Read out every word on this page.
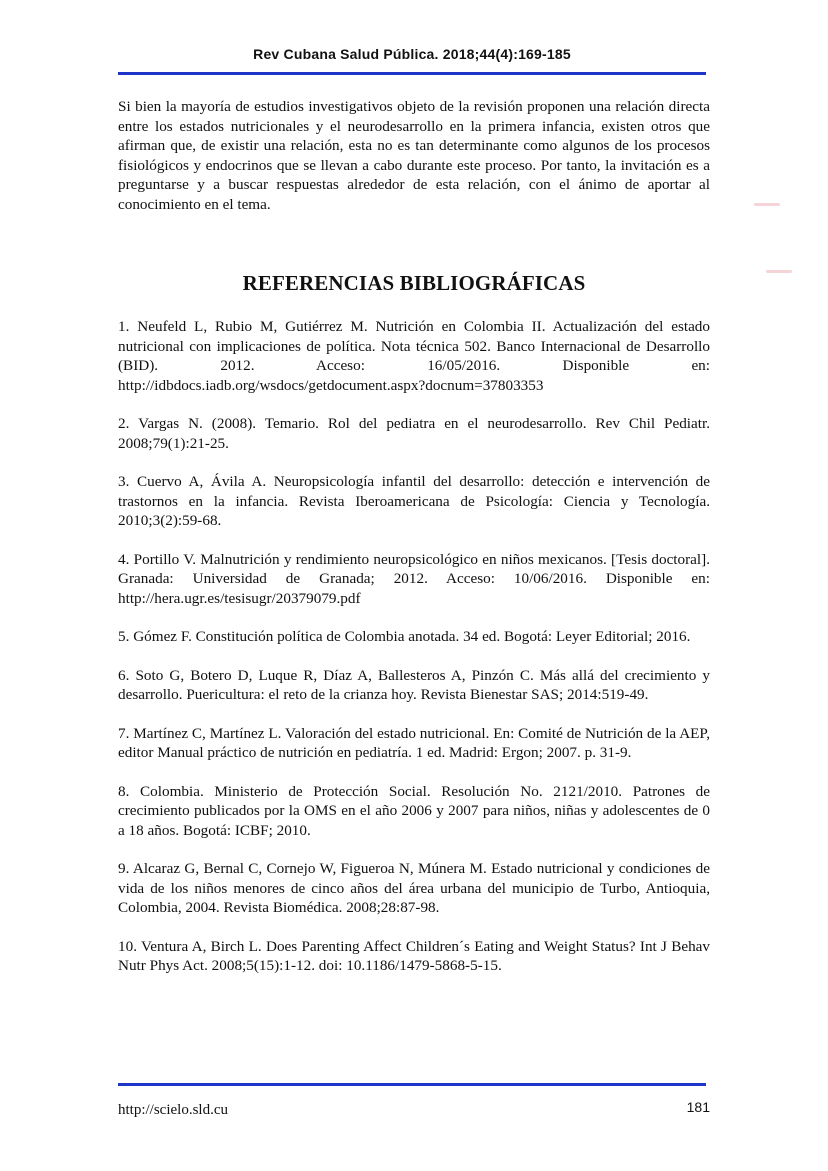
Rev Cubana Salud Pública. 2018;44(4):169-185
Si bien la mayoría de estudios investigativos objeto de la revisión proponen una relación directa entre los estados nutricionales y el neurodesarrollo en la primera infancia, existen otros que afirman que, de existir una relación, esta no es tan determinante como algunos de los procesos fisiológicos y endocrinos que se llevan a cabo durante este proceso. Por tanto, la invitación es a preguntarse y a buscar respuestas alrededor de esta relación, con el ánimo de aportar al conocimiento en el tema.
REFERENCIAS BIBLIOGRÁFICAS

1. Neufeld L, Rubio M, Gutiérrez M. Nutrición en Colombia II. Actualización del estado nutricional con implicaciones de política. Nota técnica 502. Banco Internacional de Desarrollo (BID). 2012. Acceso: 16/05/2016. Disponible en: http://idbdocs.iadb.org/wsdocs/getdocument.aspx?docnum=37803353

2. Vargas N. (2008). Temario. Rol del pediatra en el neurodesarrollo. Rev Chil Pediatr. 2008;79(1):21-25.

3. Cuervo A, Ávila A. Neuropsicología infantil del desarrollo: detección e intervención de trastornos en la infancia. Revista Iberoamericana de Psicología: Ciencia y Tecnología. 2010;3(2):59-68.

4. Portillo V. Malnutrición y rendimiento neuropsicológico en niños mexicanos. [Tesis doctoral]. Granada: Universidad de Granada; 2012. Acceso: 10/06/2016. Disponible en: http://hera.ugr.es/tesisugr/20379079.pdf

5. Gómez F. Constitución política de Colombia anotada. 34 ed. Bogotá: Leyer Editorial; 2016.

6. Soto G, Botero D, Luque R, Díaz A, Ballesteros A, Pinzón C. Más allá del crecimiento y desarrollo. Puericultura: el reto de la crianza hoy. Revista Bienestar SAS; 2014:519-49.

7. Martínez C, Martínez L. Valoración del estado nutricional. En: Comité de Nutrición de la AEP, editor Manual práctico de nutrición en pediatría. 1 ed. Madrid: Ergon; 2007. p. 31-9.

8. Colombia. Ministerio de Protección Social. Resolución No. 2121/2010. Patrones de crecimiento publicados por la OMS en el año 2006 y 2007 para niños, niñas y adolescentes de 0 a 18 años. Bogotá: ICBF; 2010.

9. Alcaraz G, Bernal C, Cornejo W, Figueroa N, Múnera M. Estado nutricional y condiciones de vida de los niños menores de cinco años del área urbana del municipio de Turbo, Antioquia, Colombia, 2004. Revista Biomédica. 2008;28:87-98.

10. Ventura A, Birch L. Does Parenting Affect Children´s Eating and Weight Status? Int J Behav Nutr Phys Act. 2008;5(15):1-12. doi: 10.1186/1479-5868-5-15.

http://scielo.sld.cu	181
